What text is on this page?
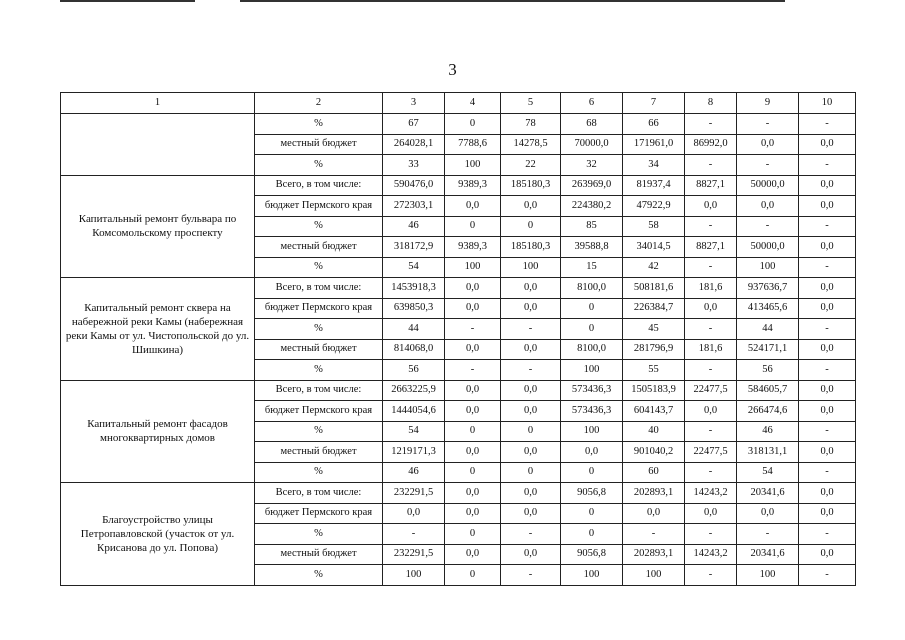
3
1	2	3	4	5	6	7	8	9	10
	%	67	0	78	68	66	-	-	-
	местный бюджет	264028,1	7788,6	14278,5	70000,0	171961,0	86992,0	0,0	0,0
	%	33	100	22	32	34	-	-	-
Капитальный ремонт бульвара по Комсомольскому проспекту	Всего, в том числе:	590476,0	9389,3	185180,3	263969,0	81937,4	8827,1	50000,0	0,0
	бюджет Пермского края	272303,1	0,0	0,0	224380,2	47922,9	0,0	0,0	0,0
	%	46	0	0	85	58	-	-	-
	местный бюджет	318172,9	9389,3	185180,3	39588,8	34014,5	8827,1	50000,0	0,0
	%	54	100	100	15	42	-	100	-
Капитальный ремонт сквера на набережной реки Камы (набережная реки Камы от ул. Чистопольской до ул. Шишкина)	Всего, в том числе:	1453918,3	0,0	0,0	8100,0	508181,6	181,6	937636,7	0,0
	бюджет Пермского края	639850,3	0,0	0,0	0	226384,7	0,0	413465,6	0,0
	%	44	-	-	0	45	-	44	-
	местный бюджет	814068,0	0,0	0,0	8100,0	281796,9	181,6	524171,1	0,0
	%	56	-	-	100	55	-	56	-
Капитальный ремонт фасадов многоквартирных домов	Всего, в том числе:	2663225,9	0,0	0,0	573436,3	1505183,9	22477,5	584605,7	0,0
	бюджет Пермского края	1444054,6	0,0	0,0	573436,3	604143,7	0,0	266474,6	0,0
	%	54	0	0	100	40	-	46	-
	местный бюджет	1219171,3	0,0	0,0	0,0	901040,2	22477,5	318131,1	0,0
	%	46	0	0	0	60	-	54	-
Благоустройство улицы Петропавловской (участок от ул. Крисанова до ул. Попова)	Всего, в том числе:	232291,5	0,0	0,0	9056,8	202893,1	14243,2	20341,6	0,0
	бюджет Пермского края	0,0	0,0	0,0	0	0,0	0,0	0,0	0,0
	%	-	0	-	0	-	-	-	-
	местный бюджет	232291,5	0,0	0,0	9056,8	202893,1	14243,2	20341,6	0,0
	%	100	0	-	100	100	-	100	-
